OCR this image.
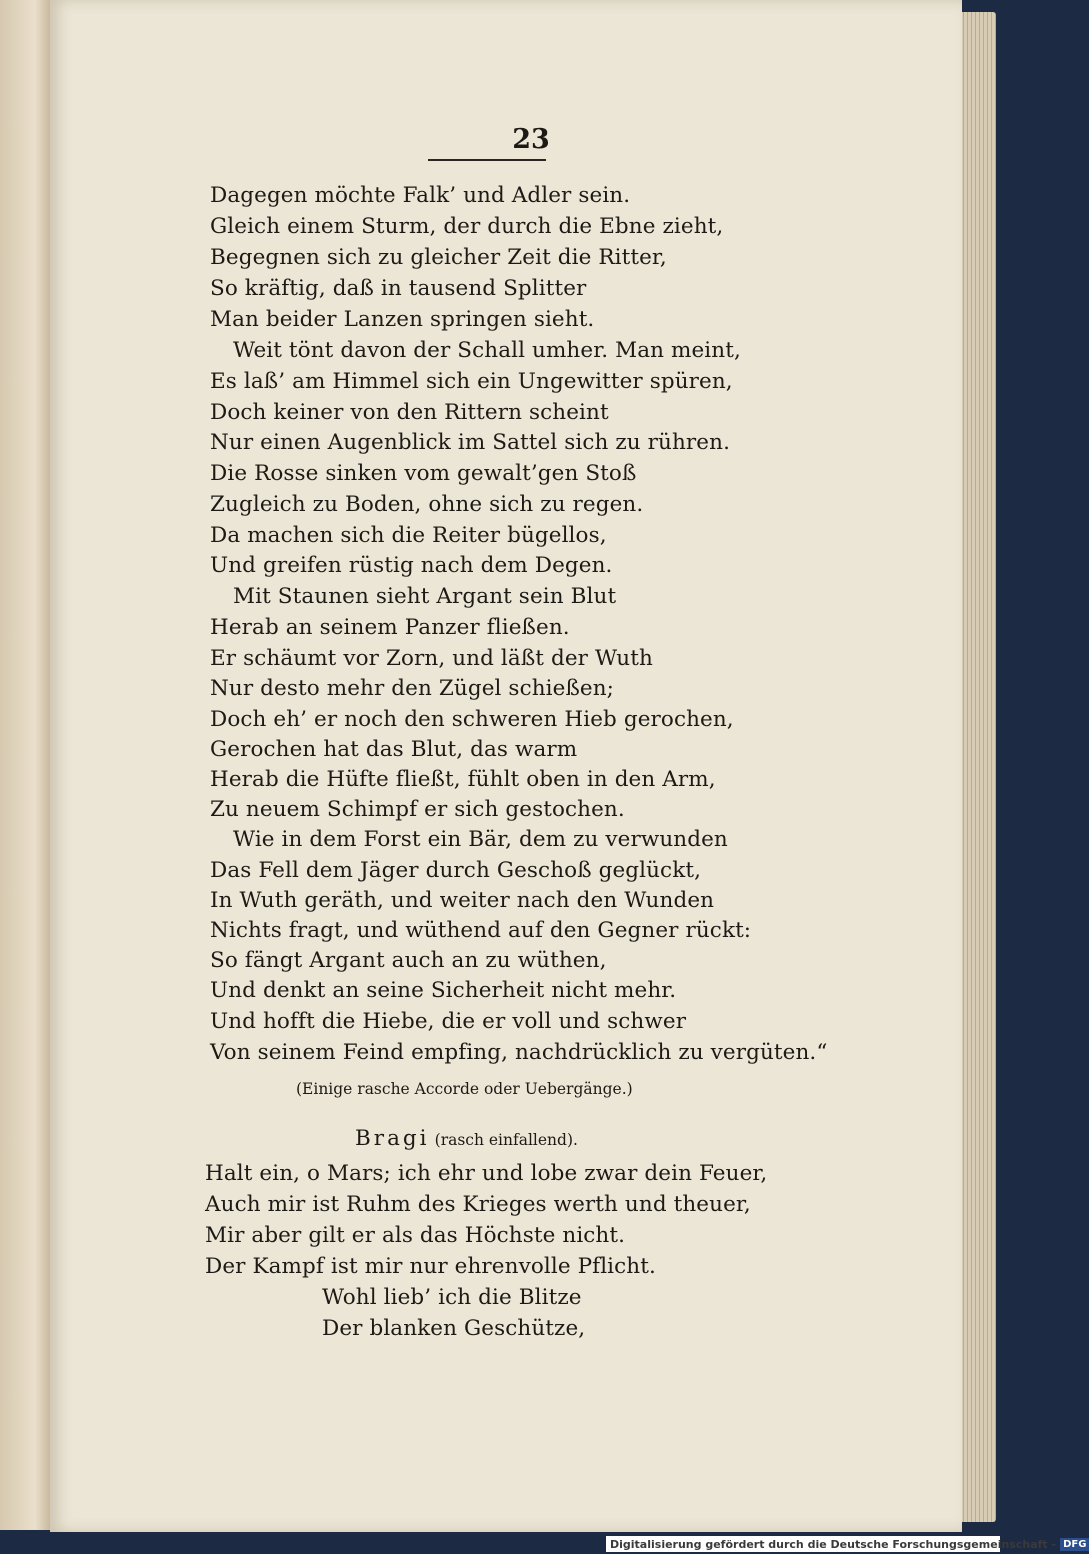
23
Dagegen möchte Falk’ und Adler sein.
Gleich einem Sturm, der durch die Ebne zieht,
Begegnen sich zu gleicher Zeit die Ritter,
So kräftig, daß in tausend Splitter
Man beider Lanzen springen sieht.
Weit tönt davon der Schall umher. Man meint,
Es laß’ am Himmel sich ein Ungewitter spüren,
Doch keiner von den Rittern scheint
Nur einen Augenblick im Sattel sich zu rühren.
Die Rosse sinken vom gewalt’gen Stoß
Zugleich zu Boden, ohne sich zu regen.
Da machen sich die Reiter bügellos,
Und greifen rüstig nach dem Degen.
Mit Staunen sieht Argant sein Blut
Herab an seinem Panzer fließen.
Er schäumt vor Zorn, und läßt der Wuth
Nur desto mehr den Zügel schießen;
Doch eh’ er noch den schweren Hieb gerochen,
Gerochen hat das Blut, das warm
Herab die Hüfte fließt, fühlt oben in den Arm,
Zu neuem Schimpf er sich gestochen.
Wie in dem Forst ein Bär, dem zu verwunden
Das Fell dem Jäger durch Geschoß geglückt,
In Wuth geräth, und weiter nach den Wunden
Nichts fragt, und wüthend auf den Gegner rückt:
So fängt Argant auch an zu wüthen,
Und denkt an seine Sicherheit nicht mehr.
Und hofft die Hiebe, die er voll und schwer
Von seinem Feind empfing, nachdrücklich zu vergüten.“
(Einige rasche Accorde oder Uebergänge.)
Bragi (rasch einfallend).
Halt ein, o Mars; ich ehr und lobe zwar dein Feuer,
Auch mir ist Ruhm des Krieges werth und theuer,
Mir aber gilt er als das Höchste nicht.
Der Kampf ist mir nur ehrenvolle Pflicht.
Wohl lieb’ ich die Blitze
Der blanken Geschütze,
Digitalisierung gefördert durch die Deutsche Forschungsgemeinschaft - DFG
